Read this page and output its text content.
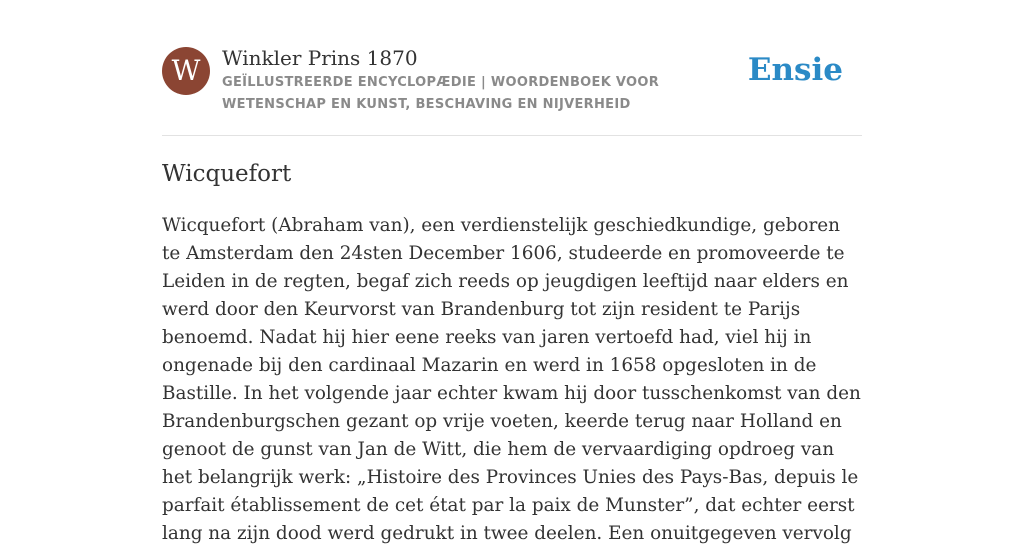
W	Winkler Prins 1870
GEÏLLUSTREERDE ENCYCLOPÆDIE | WOORDENBOEK VOOR WETENSCHAP EN KUNST, BESCHAVING EN NIJVERHEID
Ensie
Wicquefort

Wicquefort (Abraham van), een verdienstelijk geschiedkundige, geboren te Amsterdam den 24sten December 1606, studeerde en promoveerde te Leiden in de regten, begaf zich reeds op jeugdigen leeftijd naar elders en werd door den Keurvorst van Brandenburg tot zijn resident te Parijs benoemd. Nadat hij hier eene reeks van jaren vertoefd had, viel hij in ongenade bij den cardinaal Mazarin en werd in 1658 opgesloten in de Bastille. In het volgende jaar echter kwam hij door tusschenkomst van den Brandenburgschen gezant op vrije voeten, keerde terug naar Holland en genoot de gunst van Jan de Witt, die hem de vervaardiging opdroeg van het belangrijk werk: „Histoire des Provinces Unies des Pays-Bas, depuis le parfait établissement de cet état par la paix de Munster”, dat echter eerst lang na zijn dood werd gedrukt in twee deelen. Een onuitgegeven vervolg
